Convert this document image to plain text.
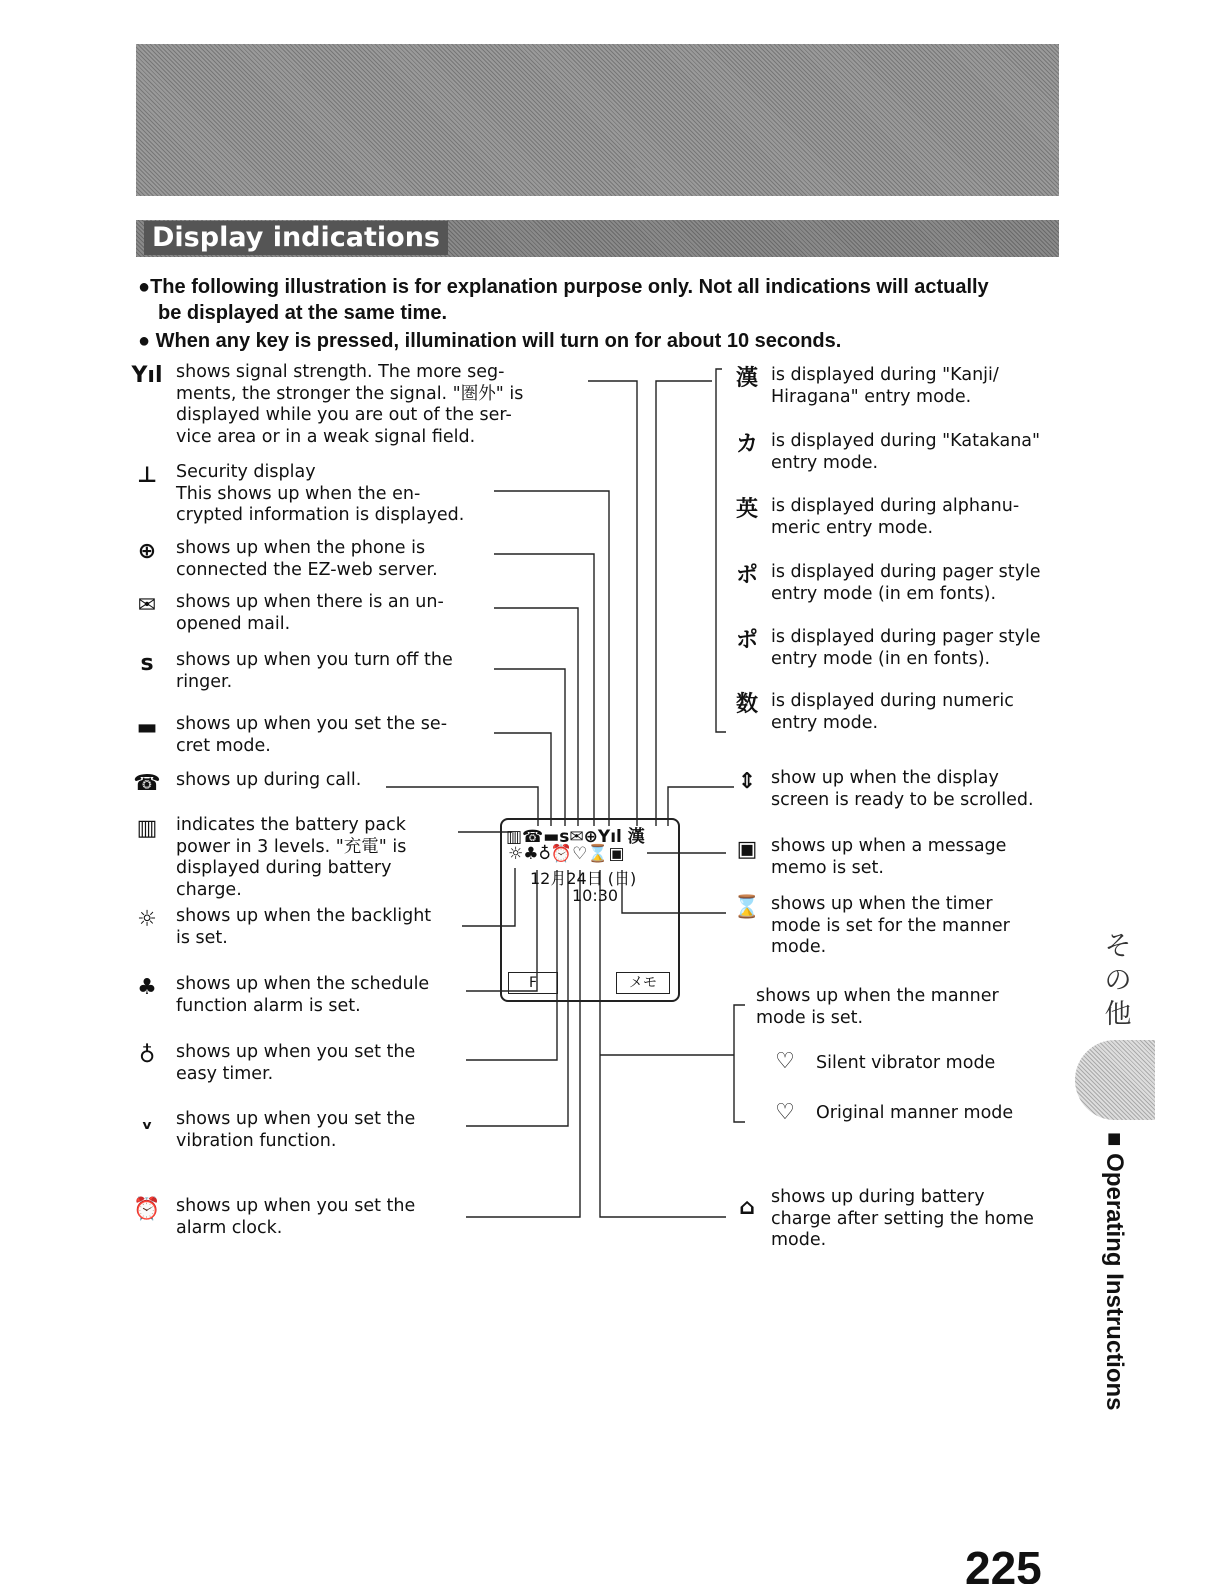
Display indications
●The following illustration is for explanation purpose only. Not all indications will actually
be displayed at the same time.
● When any key is pressed, illumination will turn on for about 10 seconds.
▥☎▬s✉⊕Yıl 漢
☼♣♁⏰♡⌛▣
12月24日 (日)
10:30
F	メモ
Yıl shows signal strength. The more seg-
ments, the stronger the signal. "圏外" is
displayed while you are out of the ser-
vice area or in a weak signal field.
⊥	Security display
This shows up when the en-
crypted information is displayed.
⊕	shows up when the phone is
connected the EZ-web server.
✉	shows up when there is an un-
opened mail.
s	shows up when you turn off the
ringer.
▬	shows up when you set the se-
cret mode.
☎ shows up during call.
▥	indicates the battery pack
power in 3 levels. "充電" is
displayed during battery
charge.
☼	shows up when the backlight
is set.
♣	shows up when the schedule
function alarm is set.
♁	shows up when you set the
easy timer.
ᵥ	shows up when you set the
vibration function.
⏰ shows up when you set the
alarm clock.
漢 is displayed during "Kanji/
Hiragana" entry mode.
カ is displayed during "Katakana"
entry mode.
英 is displayed during alphanu-
meric entry mode.
ポ is displayed during pager style
entry mode (in em fonts).
ポ is displayed during pager style
entry mode (in en fonts).
数 is displayed during numeric
entry mode.
⇕ show up when the display
screen is ready to be scrolled.
▣ shows up when a message
memo is set.
⌛ shows up when the timer
mode is set for the manner
mode.
shows up when the manner
mode is set.
♡	Silent vibrator mode
♡	Original manner mode
⌂ shows up during battery
charge after setting the home
mode.
その他
■ Operating Instructions
225
